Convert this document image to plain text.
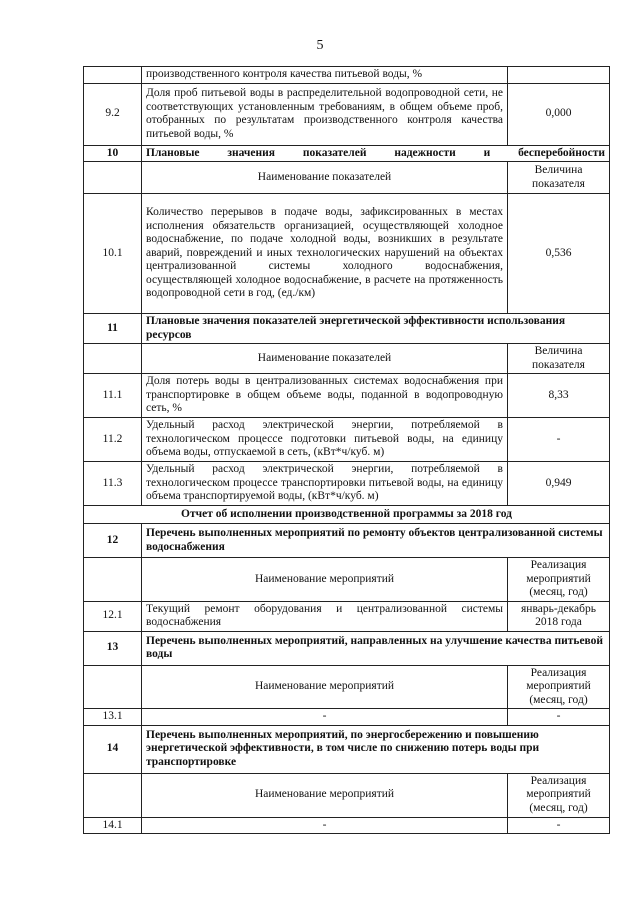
5
	производственного контроля качества питьевой воды, %	
9.2	Доля проб питьевой воды в распределительной водопроводной сети, не соответствующих установленным требованиям, в общем объеме проб, отобранных по результатам производственного контроля качества питьевой воды, %	0,000
10	Плановые значения показателей надежности и бесперебойности	
	Наименование показателей	Величина показателя
10.1	Количество перерывов в подаче воды, зафиксированных в местах исполнения обязательств организацией, осуществляющей холодное водоснабжение, по подаче холодной воды, возникших в результате аварий, повреждений и иных технологических нарушений на объектах централизованной системы холодного водоснабжения, осуществляющей холодное водоснабжение, в расчете на протяженность водопроводной сети в год, (ед./км)	0,536
11	Плановые значения показателей энергетической эффективности использования ресурсов	
	Наименование показателей	Величина показателя
11.1	Доля потерь воды в централизованных системах водоснабжения при транспортировке в общем объеме воды, поданной в водопроводную сеть, %	8,33
11.2	Удельный расход электрической энергии, потребляемой в технологическом процессе подготовки питьевой воды, на единицу объема воды, отпускаемой в сеть, (кВт*ч/куб. м)	-
11.3	Удельный расход электрической энергии, потребляемой в технологическом процессе транспортировки питьевой воды, на единицу объема транспортируемой воды, (кВт*ч/куб. м)	0,949
Отчет об исполнении производственной программы за 2018 год		
12	Перечень выполненных мероприятий по ремонту объектов централизованной системы водоснабжения	
	Наименование мероприятий	Реализация мероприятий (месяц, год)
12.1	Текущий ремонт оборудования и централизованной системы водоснабжения	январь-декабрь 2018 года
13	Перечень выполненных мероприятий, направленных на улучшение качества питьевой воды	
	Наименование мероприятий	Реализация мероприятий (месяц, год)
13.1	-	-
14	Перечень выполненных мероприятий, по энергосбережению и повышению энергетической эффективности, в том числе по снижению потерь воды при транспортировке	
	Наименование мероприятий	Реализация мероприятий (месяц, год)
14.1	-	-
